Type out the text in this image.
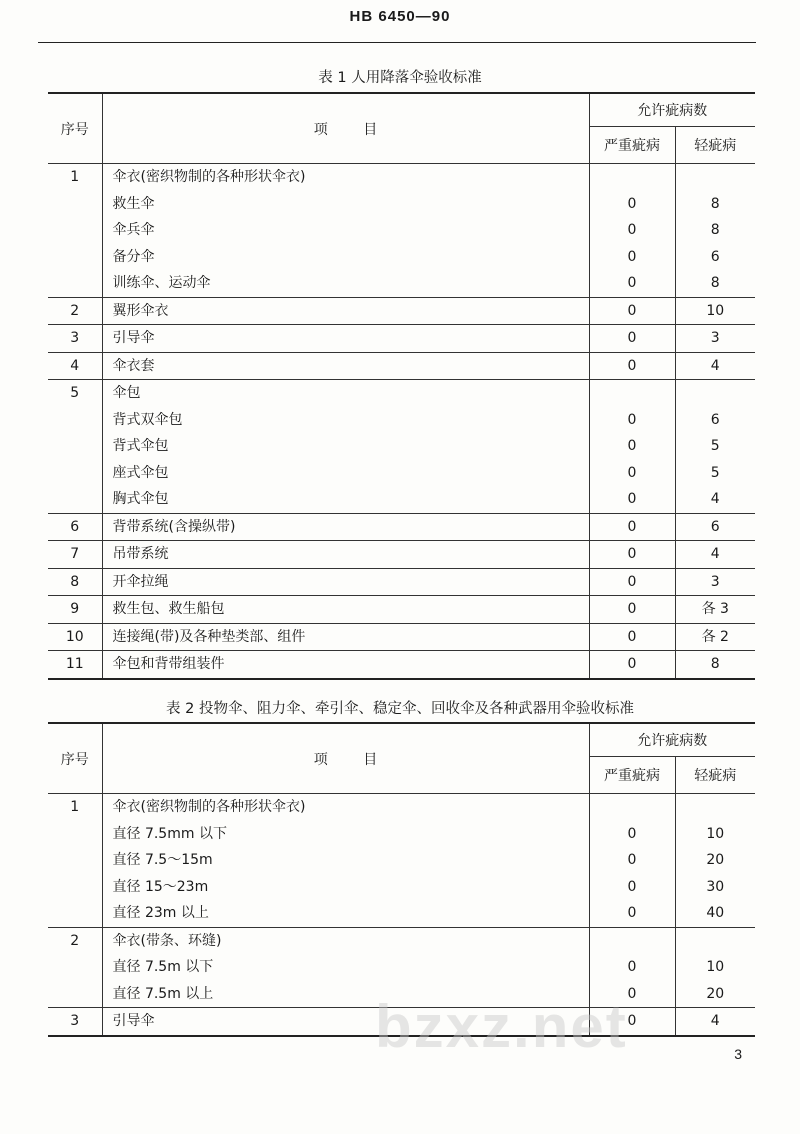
HB 6450—90
表 1 人用降落伞验收标准
序号	项        目	允许疵病数	
		严重疵病	轻疵病
1	伞衣(密织物制的各种形状伞衣)		
	救生伞	0	8
	伞兵伞	0	8
	备分伞	0	6
	训练伞、运动伞	0	8
2	翼形伞衣	0	10
3	引导伞	0	3
4	伞衣套	0	4
5	伞包		
	背式双伞包	0	6
	背式伞包	0	5
	座式伞包	0	5
	胸式伞包	0	4
6	背带系统(含操纵带)	0	6
7	吊带系统	0	4
8	开伞拉绳	0	3
9	救生包、救生船包	0	各 3
10	连接绳(带)及各种垫类部、组件	0	各 2
11	伞包和背带组装件	0	8
表 2 投物伞、阻力伞、牵引伞、稳定伞、回收伞及各种武器用伞验收标准
序号	项        目	允许疵病数	
		严重疵病	轻疵病
1	伞衣(密织物制的各种形状伞衣)		
	直径 7.5mm 以下	0	10
	直径 7.5～15m	0	20
	直径 15～23m	0	30
	直径 23m 以上	0	40
2	伞衣(带条、环缝)		
	直径 7.5m 以下	0	10
	直径 7.5m 以上	0	20
3	引导伞	0	4
bzxz.net	3
